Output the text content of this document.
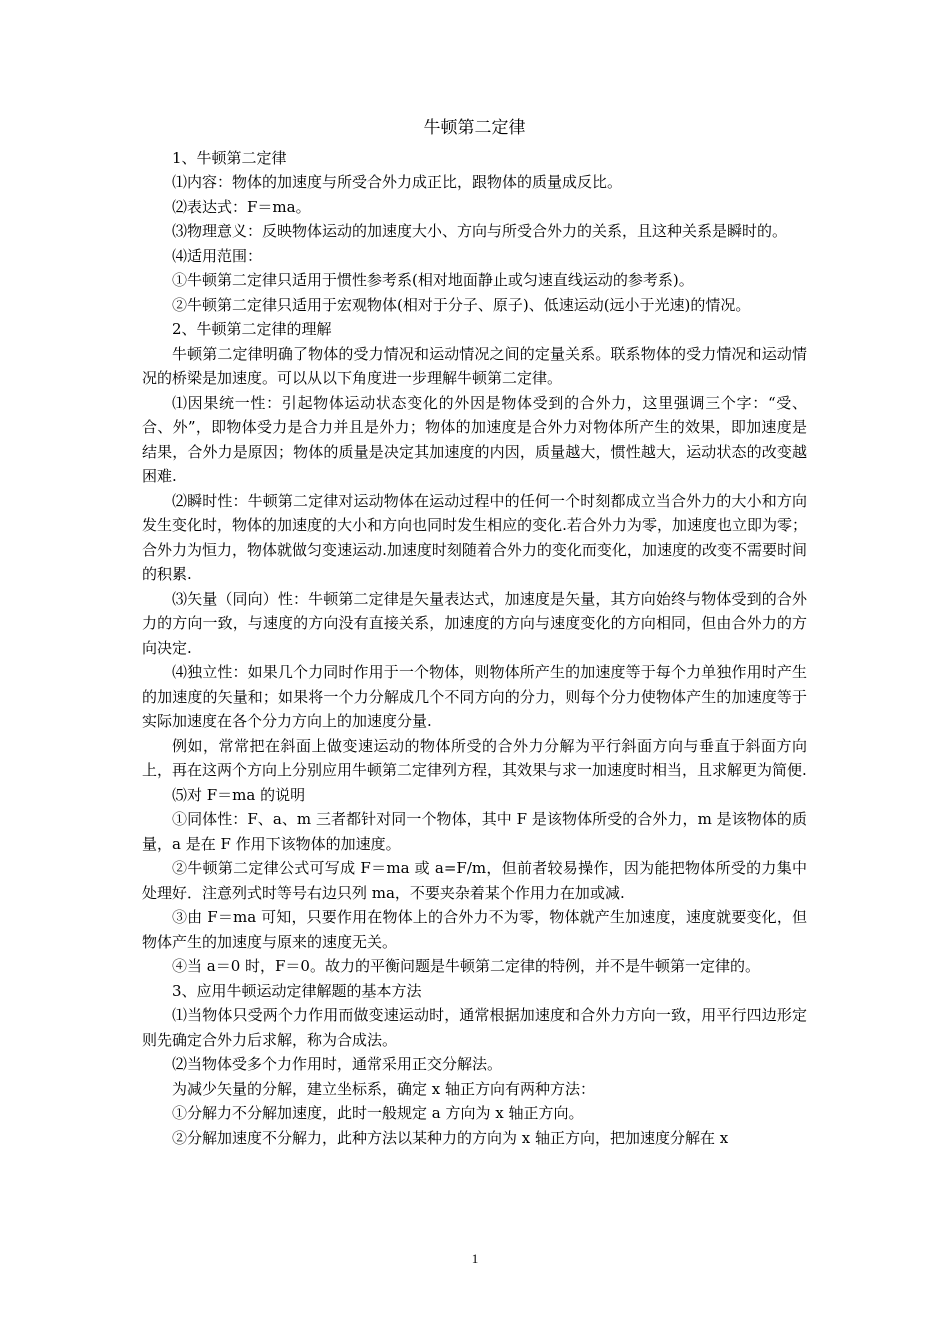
牛顿第二定律

1、牛顿第二定律

⑴内容：物体的加速度与所受合外力成正比，跟物体的质量成反比。

⑵表达式：F＝ma。

⑶物理意义：反映物体运动的加速度大小、方向与所受合外力的关系，且这种关系是瞬时的。

⑷适用范围：

①牛顿第二定律只适用于惯性参考系(相对地面静止或匀速直线运动的参考系)。

②牛顿第二定律只适用于宏观物体(相对于分子、原子)、低速运动(远小于光速)的情况。

2、牛顿第二定律的理解

牛顿第二定律明确了物体的受力情况和运动情况之间的定量关系。联系物体的受力情况和运动情况的桥梁是加速度。可以从以下角度进一步理解牛顿第二定律。

⑴因果统一性：引起物体运动状态变化的外因是物体受到的合外力，这里强调三个字：“受、合、外”，即物体受力是合力并且是外力；物体的加速度是合外力对物体所产生的效果，即加速度是结果，合外力是原因；物体的质量是决定其加速度的内因，质量越大，惯性越大，运动状态的改变越困难.

⑵瞬时性：牛顿第二定律对运动物体在运动过程中的任何一个时刻都成立当合外力的大小和方向发生变化时，物体的加速度的大小和方向也同时发生相应的变化.若合外力为零，加速度也立即为零；合外力为恒力，物体就做匀变速运动.加速度时刻随着合外力的变化而变化，加速度的改变不需要时间的积累.

⑶矢量（同向）性：牛顿第二定律是矢量表达式，加速度是矢量，其方向始终与物体受到的合外力的方向一致，与速度的方向没有直接关系，加速度的方向与速度变化的方向相同，但由合外力的方向决定.

⑷独立性：如果几个力同时作用于一个物体，则物体所产生的加速度等于每个力单独作用时产生的加速度的矢量和；如果将一个力分解成几个不同方向的分力，则每个分力使物体产生的加速度等于实际加速度在各个分力方向上的加速度分量.

例如，常常把在斜面上做变速运动的物体所受的合外力分解为平行斜面方向与垂直于斜面方向上，再在这两个方向上分别应用牛顿第二定律列方程，其效果与求一加速度时相当，且求解更为简便.

⑸对 F＝ma 的说明

①同体性：F、a、m 三者都针对同一个物体，其中 F 是该物体所受的合外力，m 是该物体的质量，a 是在 F 作用下该物体的加速度。

②牛顿第二定律公式可写成 F＝ma 或 a=F/m，但前者较易操作，因为能把物体所受的力集中处理好．注意列式时等号右边只列 ma，不要夹杂着某个作用力在加或减.

③由 F＝ma 可知，只要作用在物体上的合外力不为零，物体就产生加速度，速度就要变化，但物体产生的加速度与原来的速度无关。

④当 a＝0 时，F＝0。故力的平衡问题是牛顿第二定律的特例，并不是牛顿第一定律的。

3、应用牛顿运动定律解题的基本方法

⑴当物体只受两个力作用而做变速运动时，通常根据加速度和合外力方向一致，用平行四边形定则先确定合外力后求解，称为合成法。

⑵当物体受多个力作用时，通常采用正交分解法。

为减少矢量的分解，建立坐标系，确定 x 轴正方向有两种方法：

①分解力不分解加速度，此时一般规定 a 方向为 x 轴正方向。

②分解加速度不分解力，此种方法以某种力的方向为 x 轴正方向，把加速度分解在 x

1
